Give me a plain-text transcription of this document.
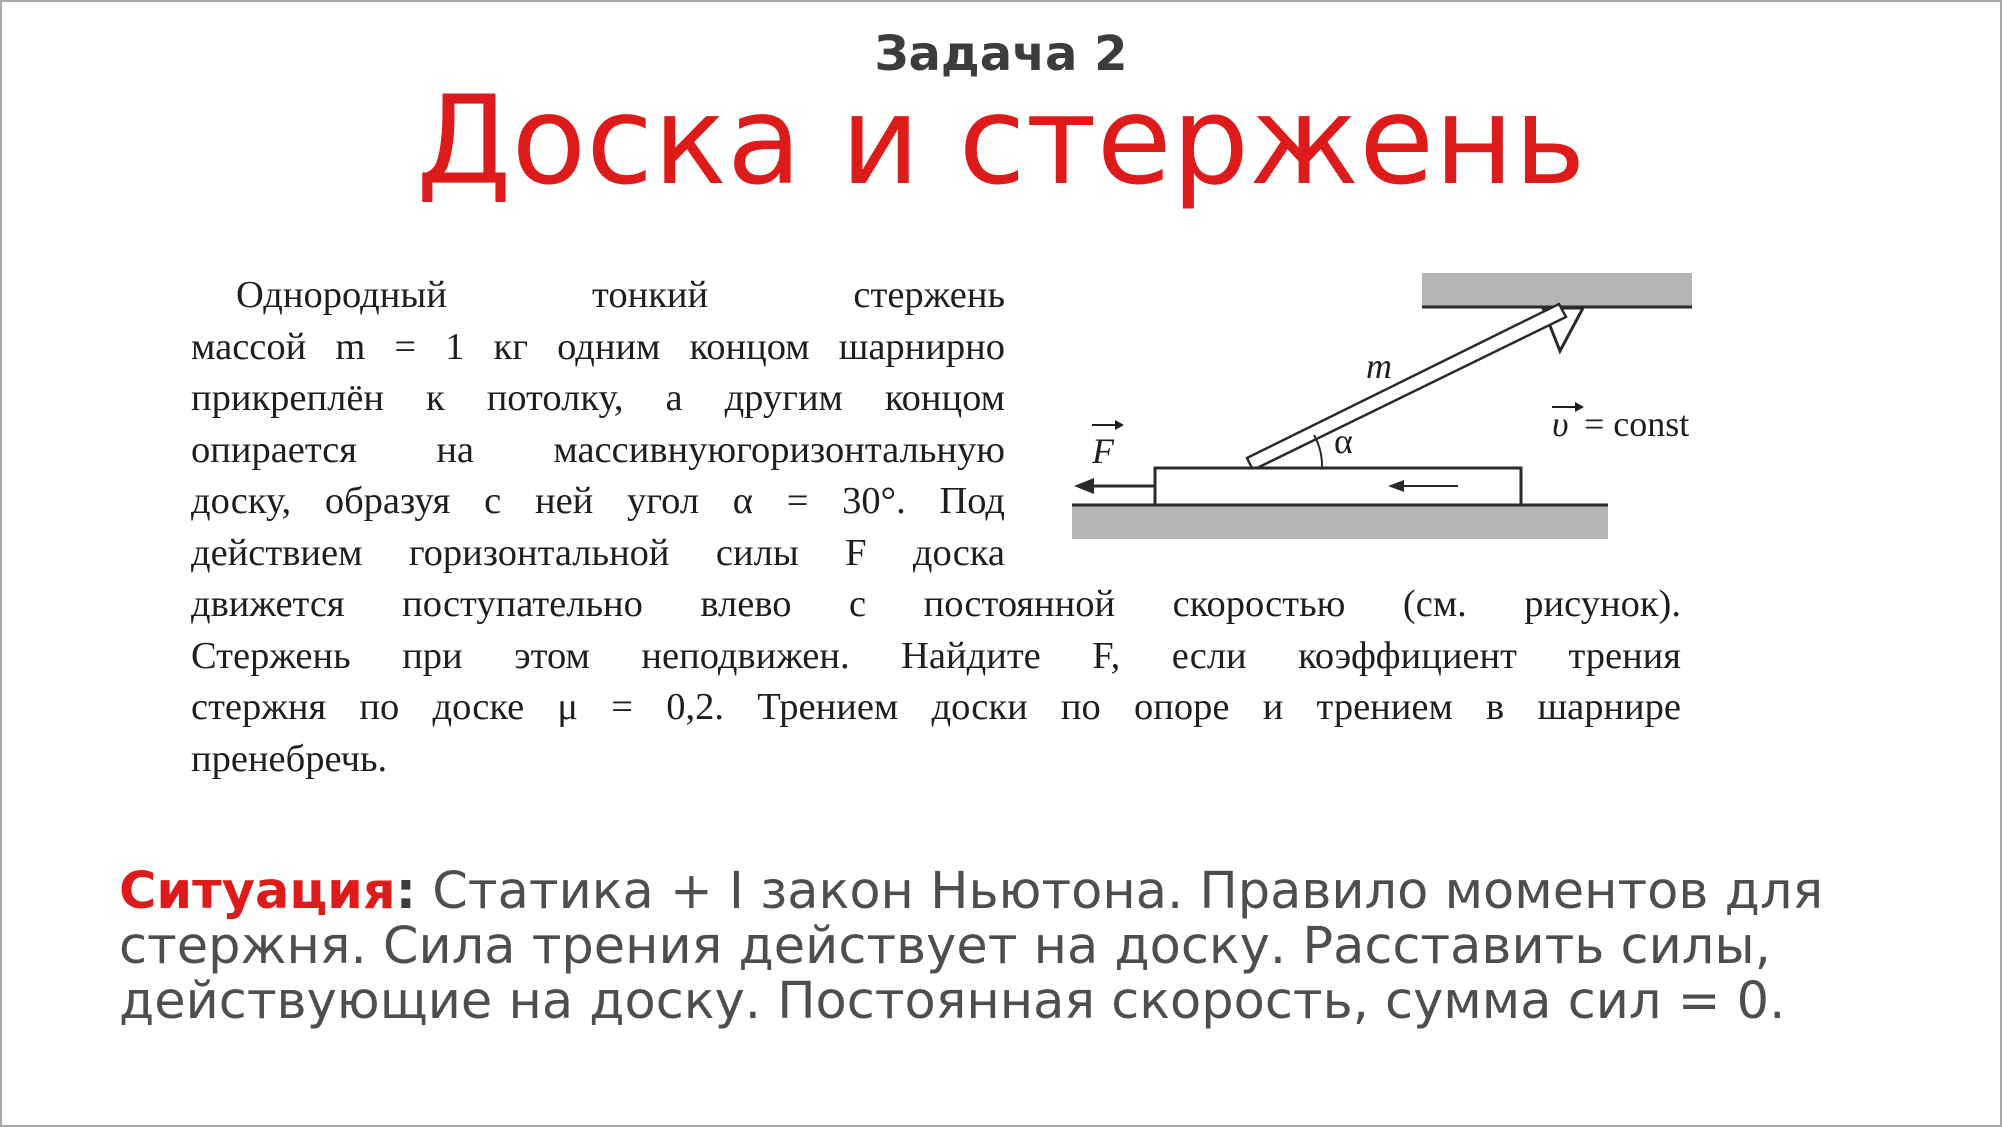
Задача 2
Доска и стержень
Однородный тонкий стержень
массой m = 1 кг одним концом шарнирно
прикреплён к потолку, а другим концом
опирается на массивнуюгоризонтальную
доску, образуя с ней угол α = 30°. Под
действием горизонтальной силы F доска
движется поступательно влево с постоянной скоростью (см. рисунок).
Стержень при этом неподвижен. Найдите F, если коэффициент трения
стержня по доске μ = 0,2. Трением доски по опоре и трением в шарнире
пренебречь.
m
α
F
υ = const
Ситуация: Статика + I закон Ньютона. Правило моментов для
стержня. Сила трения действует на доску. Расставить силы,
действующие на доску. Постоянная скорость, сумма сил = 0.
